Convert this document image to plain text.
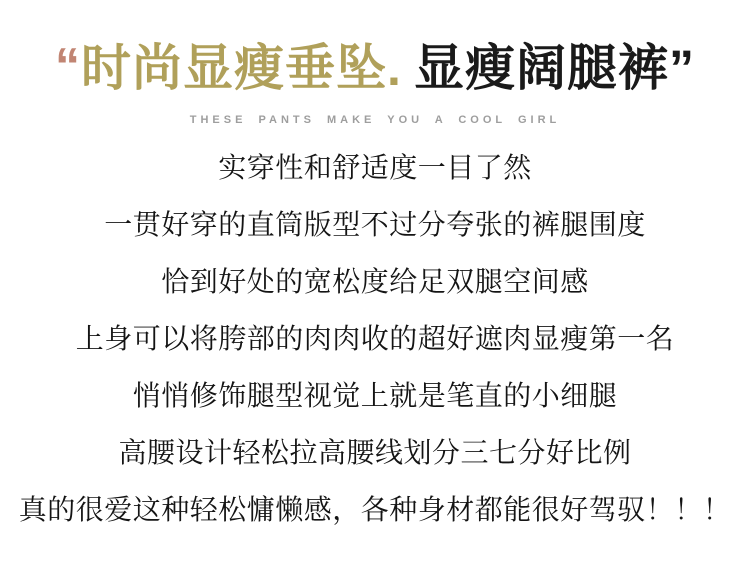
“时尚显瘦垂坠. 显瘦阔腿裤”
THESE PANTS MAKE YOU A COOL GIRL
实穿性和舒适度一目了然
一贯好穿的直筒版型不过分夸张的裤腿围度
恰到好处的宽松度给足双腿空间感
上身可以将胯部的肉肉收的超好遮肉显瘦第一名
悄悄修饰腿型视觉上就是笔直的小细腿
高腰设计轻松拉高腰线划分三七分好比例
真的很爱这种轻松慵懒感，各种身材都能很好驾驭！！！
